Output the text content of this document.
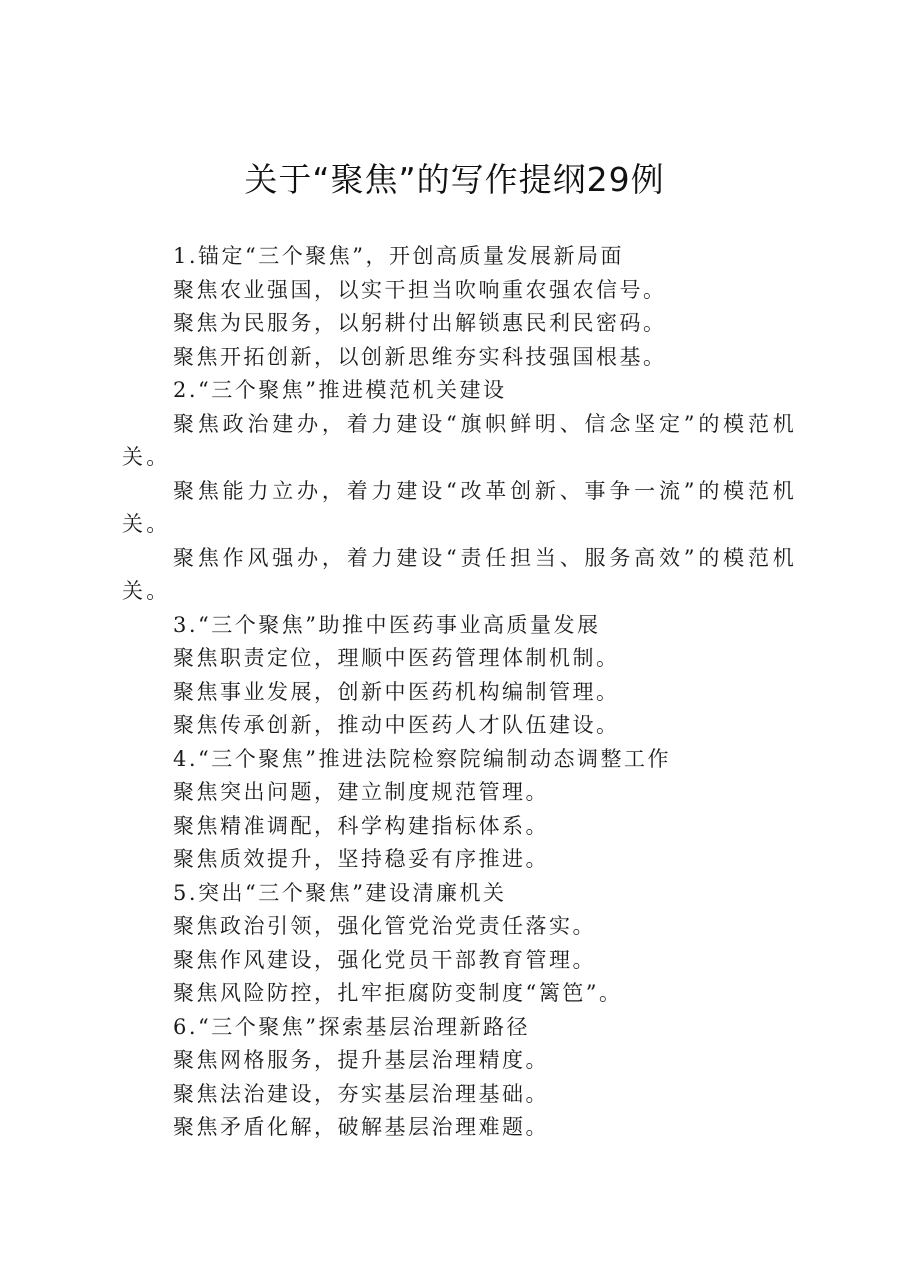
关于“聚焦”的写作提纲29例
1.锚定“三个聚焦”，开创高质量发展新局面
聚焦农业强国，以实干担当吹响重农强农信号。
聚焦为民服务，以躬耕付出解锁惠民利民密码。
聚焦开拓创新，以创新思维夯实科技强国根基。
2.“三个聚焦”推进模范机关建设
聚焦政治建办，着力建设“旗帜鲜明、信念坚定”的模范机关。
聚焦能力立办，着力建设“改革创新、事争一流”的模范机关。
聚焦作风强办，着力建设“责任担当、服务高效”的模范机关。
3.“三个聚焦”助推中医药事业高质量发展
聚焦职责定位，理顺中医药管理体制机制。
聚焦事业发展，创新中医药机构编制管理。
聚焦传承创新，推动中医药人才队伍建设。
4.“三个聚焦”推进法院检察院编制动态调整工作
聚焦突出问题，建立制度规范管理。
聚焦精准调配，科学构建指标体系。
聚焦质效提升，坚持稳妥有序推进。
5.突出“三个聚焦”建设清廉机关
聚焦政治引领，强化管党治党责任落实。
聚焦作风建设，强化党员干部教育管理。
聚焦风险防控，扎牢拒腐防变制度“篱笆”。
6.“三个聚焦”探索基层治理新路径
聚焦网格服务，提升基层治理精度。
聚焦法治建设，夯实基层治理基础。
聚焦矛盾化解，破解基层治理难题。
